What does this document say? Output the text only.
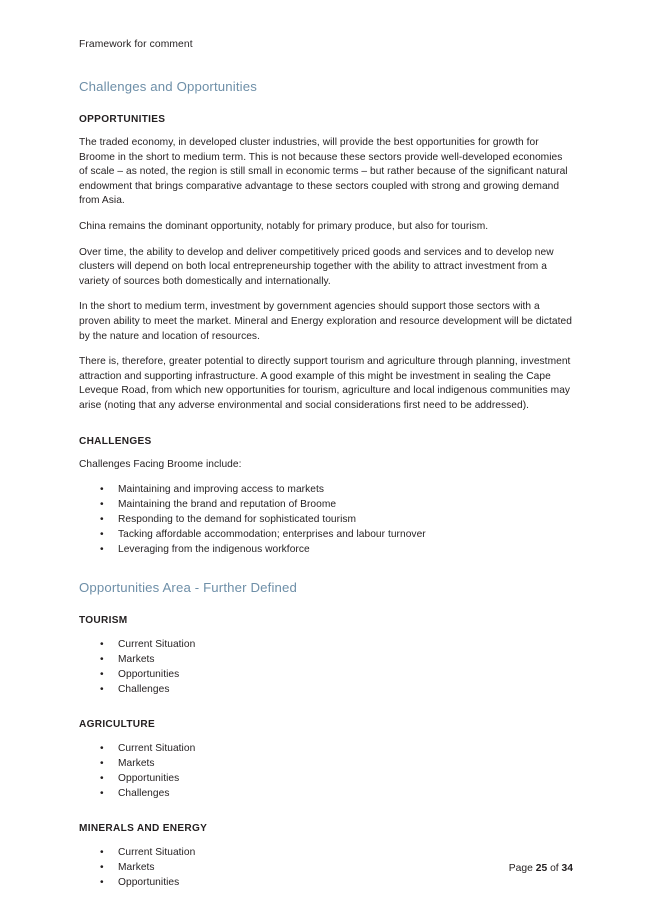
Framework for comment
Challenges and Opportunities
OPPORTUNITIES

The traded economy, in developed cluster industries, will provide the best opportunities for growth for Broome in the short to medium term. This is not because these sectors provide well-developed economies of scale – as noted, the region is still small in economic terms – but rather because of the significant natural endowment that brings comparative advantage to these sectors coupled with strong and growing demand from Asia.

China remains the dominant opportunity, notably for primary produce, but also for tourism.

Over time, the ability to develop and deliver competitively priced goods and services and to develop new clusters will depend on both local entrepreneurship together with the ability to attract investment from a variety of sources both domestically and internationally.

In the short to medium term, investment by government agencies should support those sectors with a proven ability to meet the market. Mineral and Energy exploration and resource development will be dictated by the nature and location of resources.

There is, therefore, greater potential to directly support tourism and agriculture through planning, investment attraction and supporting infrastructure. A good example of this might be investment in sealing the Cape Leveque Road, from which new opportunities for tourism, agriculture and local indigenous communities may arise (noting that any adverse environmental and social considerations first need to be addressed).

CHALLENGES

Challenges Facing Broome include:

• Maintaining and improving access to markets
• Maintaining the brand and reputation of Broome
• Responding to the demand for sophisticated tourism
• Tacking affordable accommodation; enterprises and labour turnover
• Leveraging from the indigenous workforce
Opportunities Area - Further Defined
TOURISM
• Current Situation
• Markets
• Opportunities
• Challenges
AGRICULTURE
• Current Situation
• Markets
• Opportunities
• Challenges
MINERALS AND ENERGY
• Current Situation
• Markets
• Opportunities
Page 25 of 34
